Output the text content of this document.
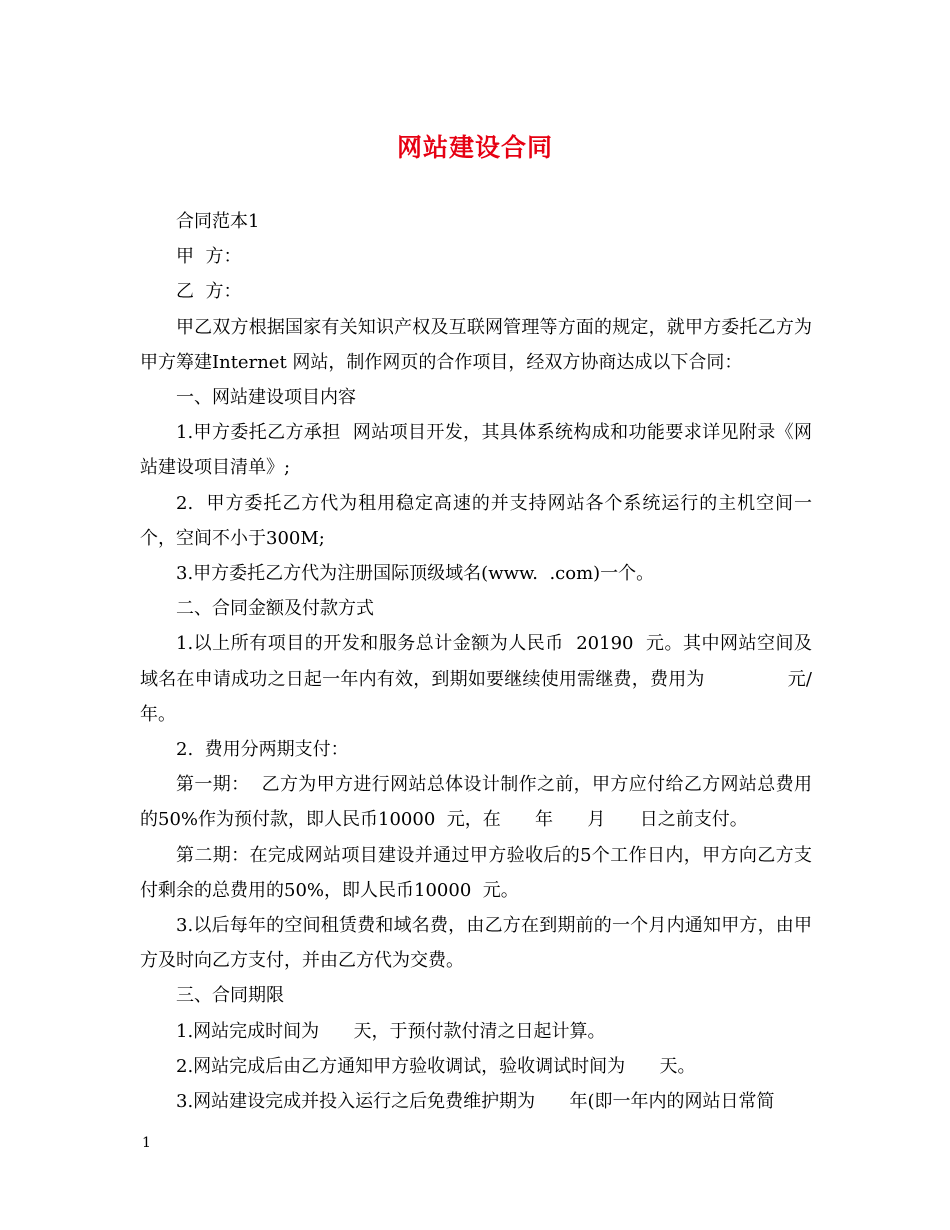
网站建设合同

合同范本1

甲  方：

乙  方：

甲乙双方根据国家有关知识产权及互联网管理等方面的规定，就甲方委托乙方为甲方筹建Internet 网站，制作网页的合作项目，经双方协商达成以下合同：

一、网站建设项目内容

1.甲方委托乙方承担  网站项目开发，其具体系统构成和功能要求详见附录《网站建设项目清单》;

2.  甲方委托乙方代为租用稳定高速的并支持网站各个系统运行的主机空间一个，空间不小于300M;

3.甲方委托乙方代为注册国际顶级域名(www.  .com)一个。

二、合同金额及付款方式

1.以上所有项目的开发和服务总计金额为人民币  20190  元。其中网站空间及域名在申请成功之日起一年内有效，到期如要继续使用需继费，费用为              元/年。

2.  费用分两期支付：

第一期：  乙方为甲方进行网站总体设计制作之前，甲方应付给乙方网站总费用的50%作为预付款，即人民币10000  元，在      年      月      日之前支付。

第二期：在完成网站项目建设并通过甲方验收后的5个工作日内，甲方向乙方支付剩余的总费用的50%，即人民币10000  元。

3.以后每年的空间租赁费和域名费，由乙方在到期前的一个月内通知甲方，由甲方及时向乙方支付，并由乙方代为交费。

三、合同期限

1.网站完成时间为      天，于预付款付清之日起计算。

2.网站完成后由乙方通知甲方验收调试，验收调试时间为      天。

3.网站建设完成并投入运行之后免费维护期为      年(即一年内的网站日常简

1
